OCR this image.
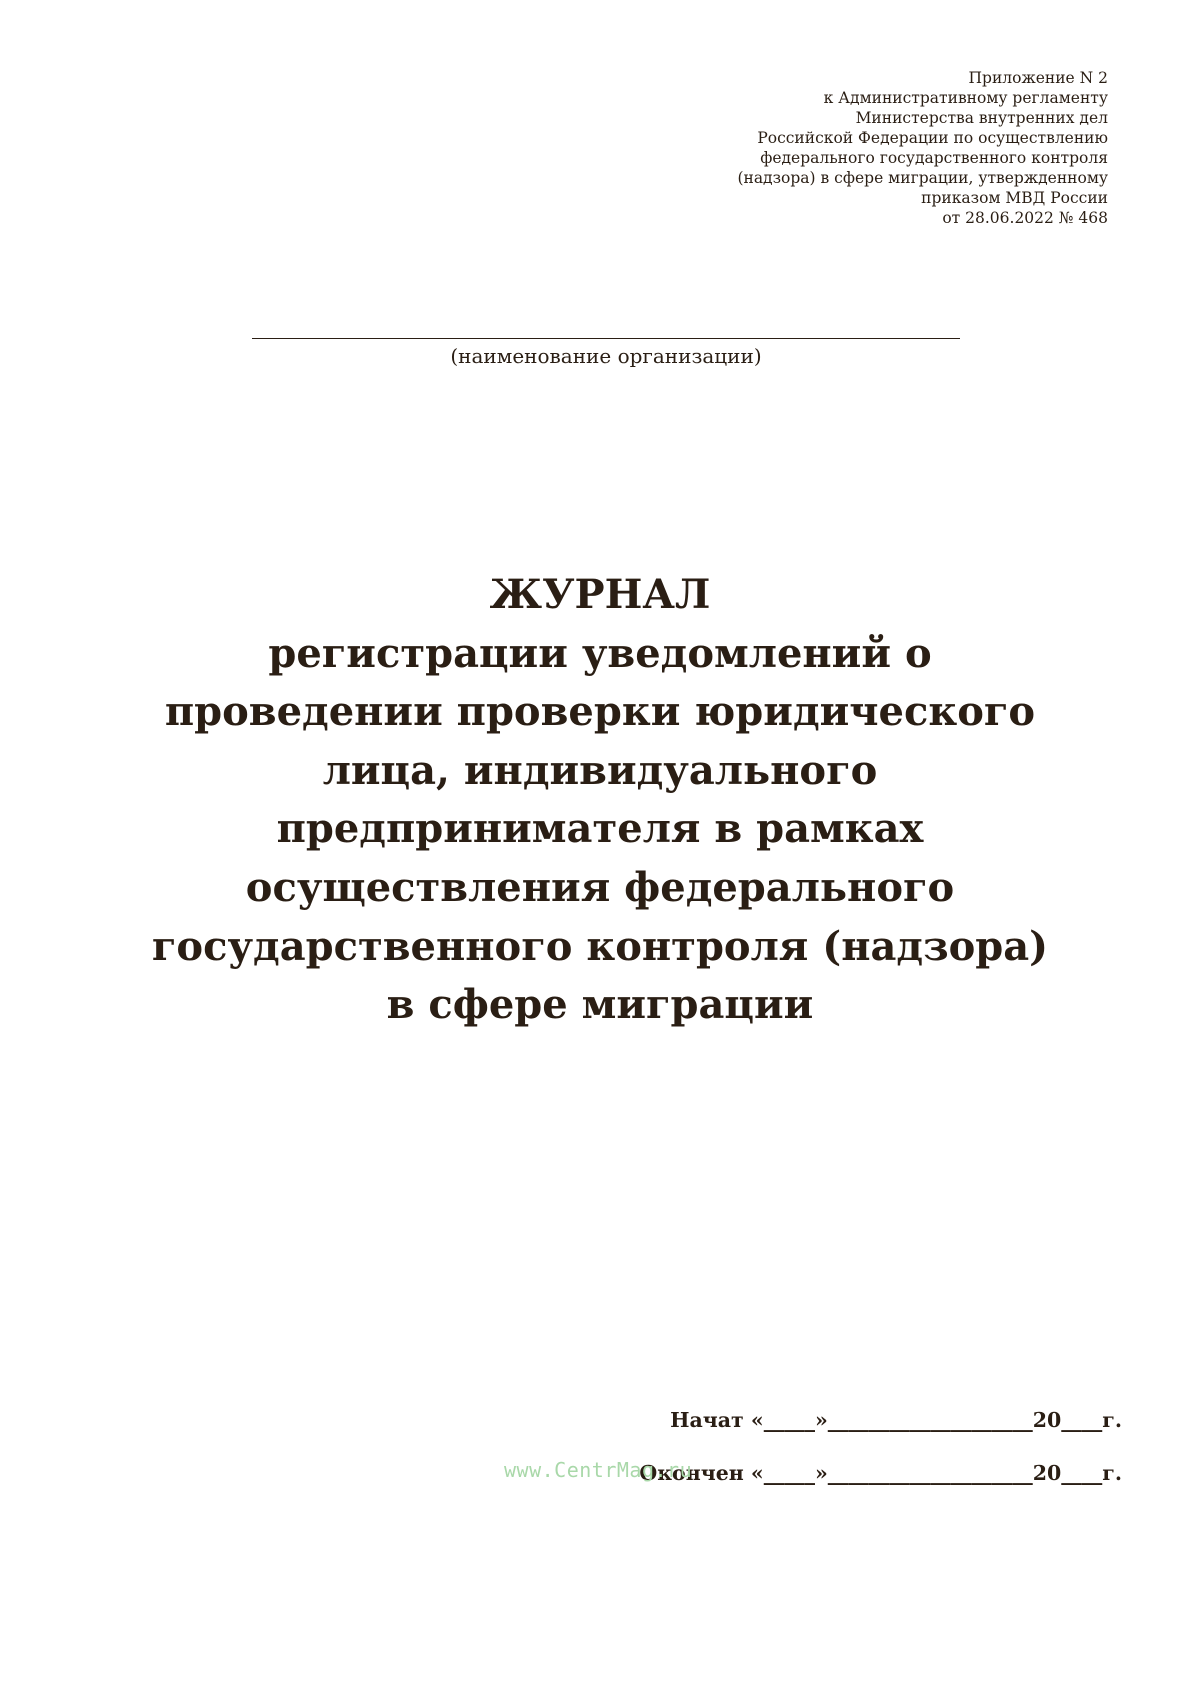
Приложение N 2
к Административному регламенту
Министерства внутренних дел
Российской Федерации по осуществлению
федерального государственного контроля
(надзора) в сфере миграции, утвержденному
приказом МВД России
от 28.06.2022 № 468
(наименование организации)
ЖУРНАЛ
регистрации уведомлений о
проведении проверки юридического
лица, индивидуального
предпринимателя в рамках
осуществления федерального
государственного контроля (надзора)
в сфере миграции
Начат «_____»____________________20____г.
Окончен «_____»____________________20____г.
www.CentrMag.ru
